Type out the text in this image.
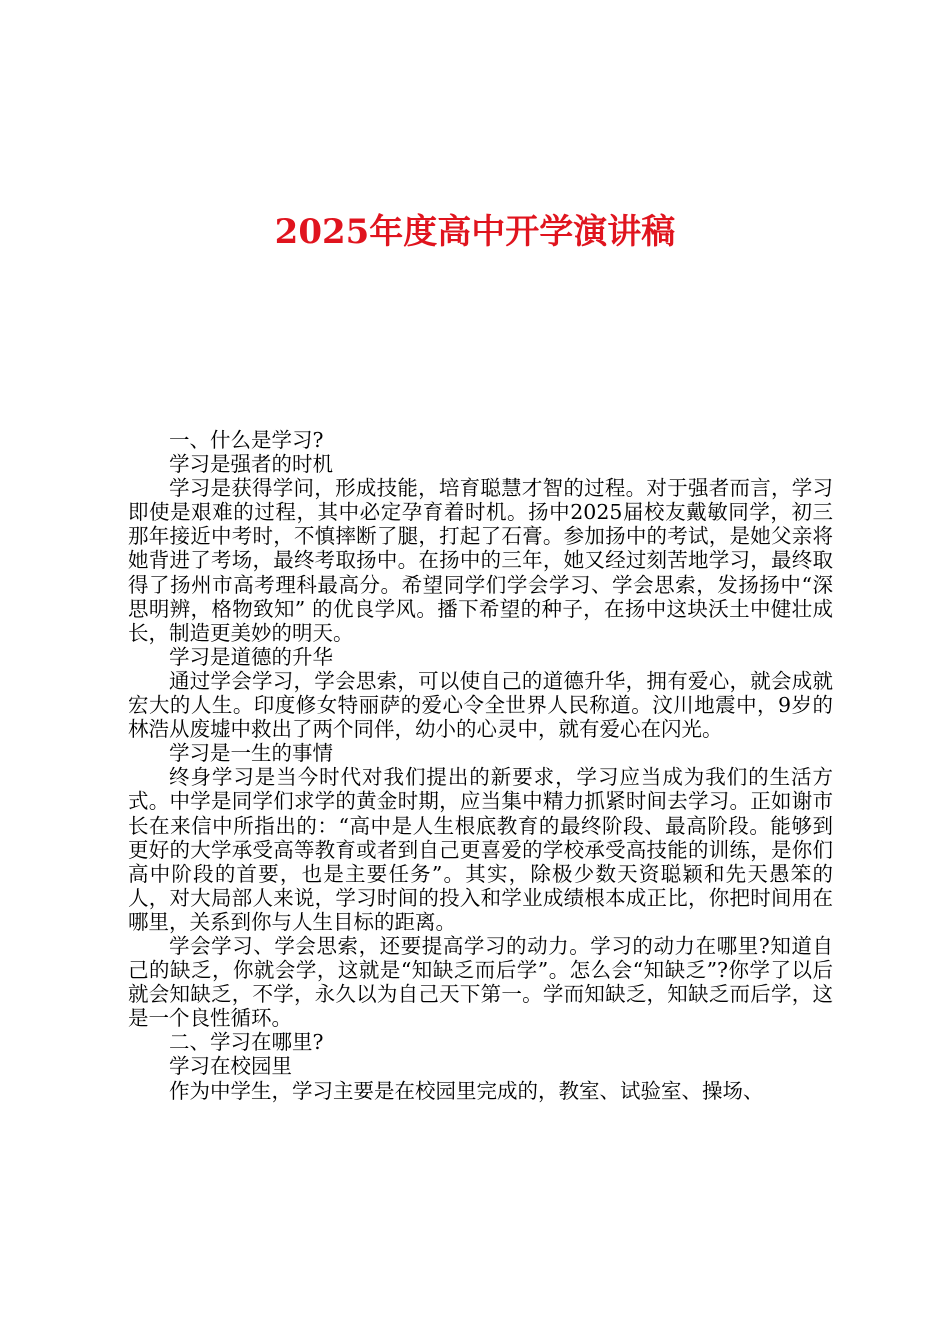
2025年度高中开学演讲稿

一、什么是学习?

学习是强者的时机

学习是获得学问，形成技能，培育聪慧才智的过程。对于强者而言，学习即使是艰难的过程，其中必定孕育着时机。扬中2025届校友戴敏同学，初三那年接近中考时，不慎摔断了腿，打起了石膏。参加扬中的考试，是她父亲将她背进了考场，最终考取扬中。在扬中的三年，她又经过刻苦地学习，最终取得了扬州市高考理科最高分。希望同学们学会学习、学会思索，发扬扬中“深思明辨，格物致知” 的优良学风。播下希望的种子，在扬中这块沃土中健壮成长，制造更美妙的明天。

学习是道德的升华

通过学会学习，学会思索，可以使自己的道德升华，拥有爱心，就会成就宏大的人生。印度修女特丽萨的爱心令全世界人民称道。汶川地震中，9岁的林浩从废墟中救出了两个同伴，幼小的心灵中，就有爱心在闪光。

学习是一生的事情

终身学习是当今时代对我们提出的新要求，学习应当成为我们的生活方式。中学是同学们求学的黄金时期，应当集中精力抓紧时间去学习。正如谢市长在来信中所指出的：“高中是人生根底教育的最终阶段、最高阶段。能够到更好的大学承受高等教育或者到自己更喜爱的学校承受高技能的训练，是你们高中阶段的首要，也是主要任务”。其实，除极少数天资聪颖和先天愚笨的人，对大局部人来说，学习时间的投入和学业成绩根本成正比，你把时间用在哪里，关系到你与人生目标的距离。

学会学习、学会思索，还要提高学习的动力。学习的动力在哪里?知道自己的缺乏，你就会学，这就是“知缺乏而后学”。怎么会“知缺乏”?你学了以后就会知缺乏，不学，永久以为自己天下第一。学而知缺乏，知缺乏而后学，这是一个良性循环。

二、学习在哪里?

学习在校园里

作为中学生，学习主要是在校园里完成的，教室、试验室、操场、
